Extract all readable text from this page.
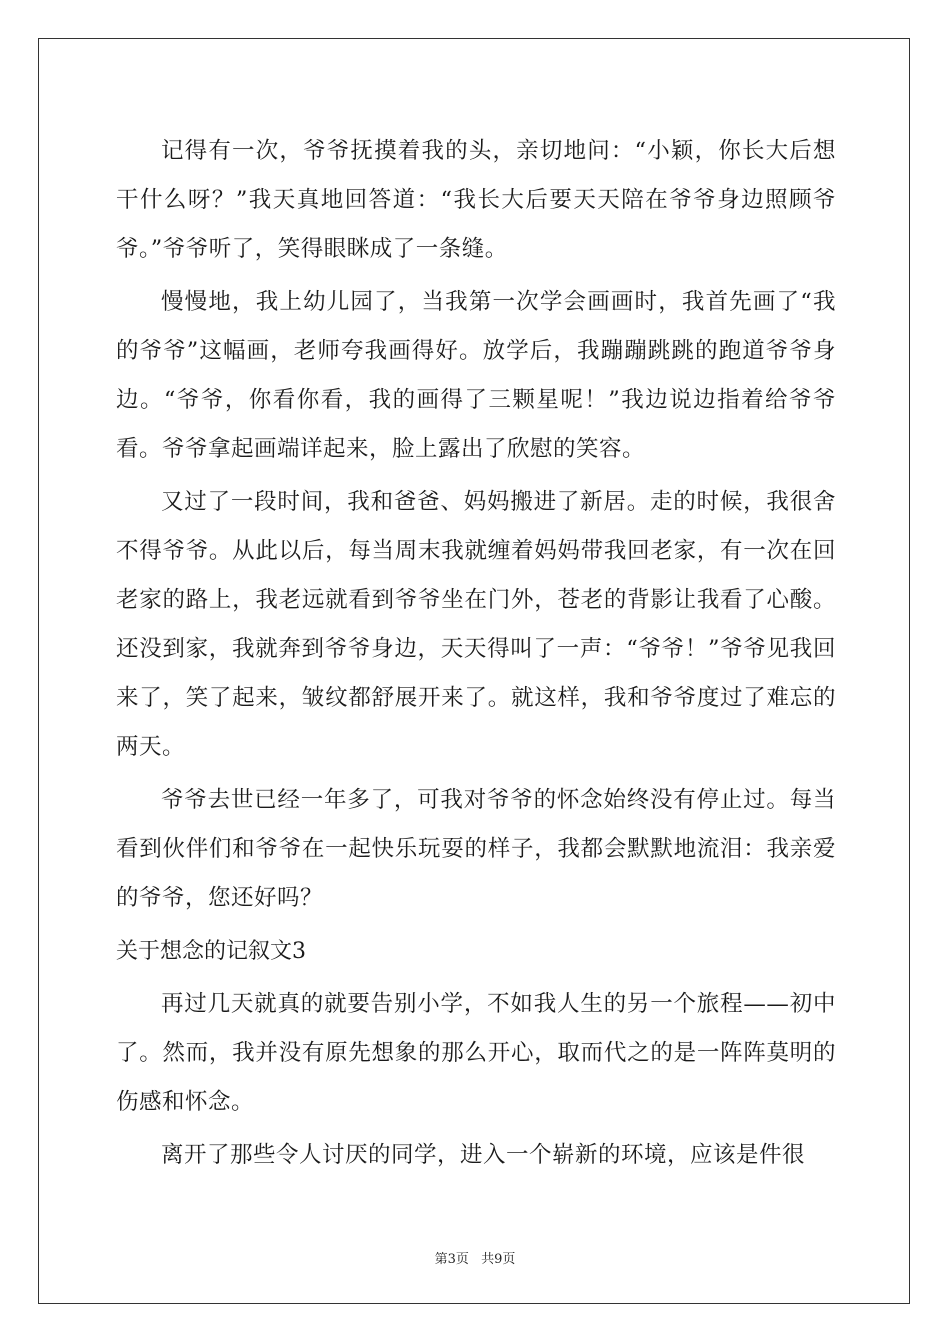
记得有一次，爷爷抚摸着我的头，亲切地问：“小颖，你长大后想干什么呀？”我天真地回答道：“我长大后要天天陪在爷爷身边照顾爷爷。”爷爷听了，笑得眼眯成了一条缝。

慢慢地，我上幼儿园了，当我第一次学会画画时，我首先画了“我的爷爷”这幅画，老师夸我画得好。放学后，我蹦蹦跳跳的跑道爷爷身边。“爷爷，你看你看，我的画得了三颗星呢！”我边说边指着给爷爷看。爷爷拿起画端详起来，脸上露出了欣慰的笑容。

又过了一段时间，我和爸爸、妈妈搬进了新居。走的时候，我很舍不得爷爷。从此以后，每当周末我就缠着妈妈带我回老家，有一次在回老家的路上，我老远就看到爷爷坐在门外，苍老的背影让我看了心酸。还没到家，我就奔到爷爷身边，天天得叫了一声：“爷爷！”爷爷见我回来了，笑了起来，皱纹都舒展开来了。就这样，我和爷爷度过了难忘的两天。

爷爷去世已经一年多了，可我对爷爷的怀念始终没有停止过。每当看到伙伴们和爷爷在一起快乐玩耍的样子，我都会默默地流泪：我亲爱的爷爷，您还好吗？

关于想念的记叙文3

再过几天就真的就要告别小学，不如我人生的另一个旅程——初中了。然而，我并没有原先想象的那么开心，取而代之的是一阵阵莫明的伤感和怀念。

离开了那些令人讨厌的同学，进入一个崭新的环境，应该是件很

第3页 共9页
